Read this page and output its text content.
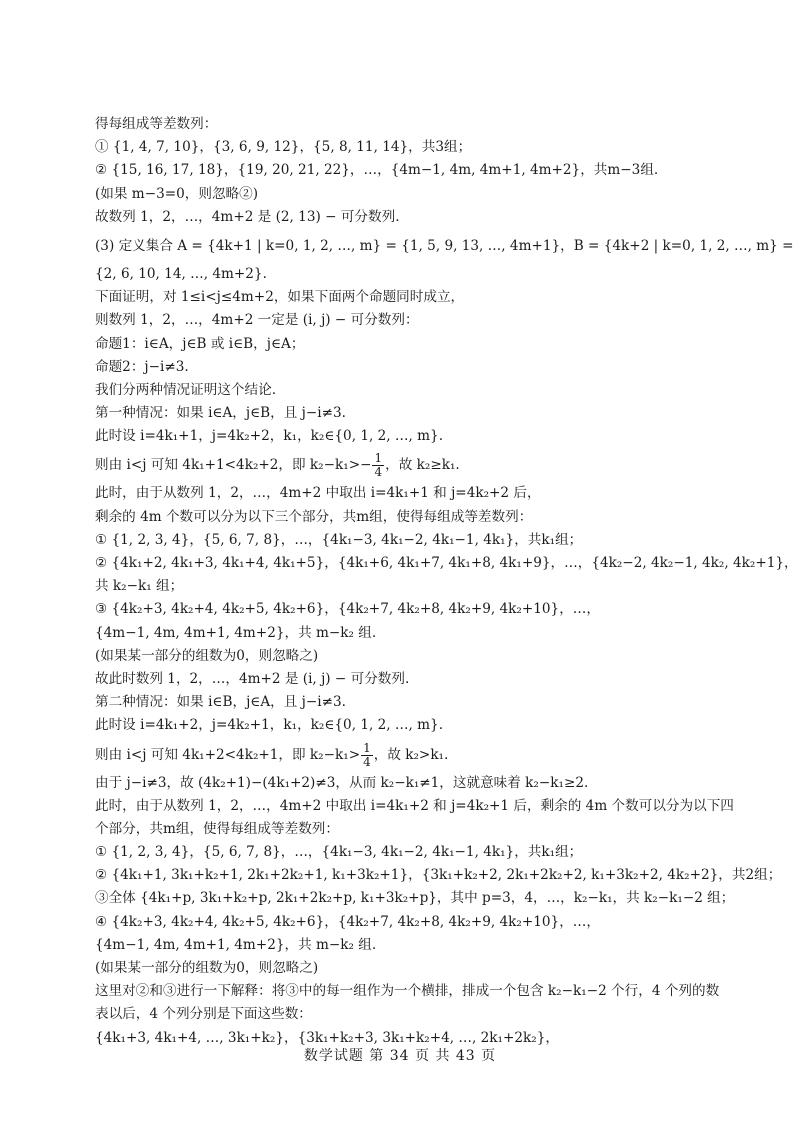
得每组成等差数列：
① {1, 4, 7, 10}，{3, 6, 9, 12}，{5, 8, 11, 14}，共3组；
② {15, 16, 17, 18}，{19, 20, 21, 22}，…，{4m−1, 4m, 4m+1, 4m+2}，共m−3组.
(如果 m−3=0，则忽略②)
故数列 1，2，…，4m+2 是 (2, 13) − 可分数列.
(3) 定义集合 A = {4k+1 | k=0, 1, 2, …, m} = {1, 5, 9, 13, …, 4m+1}，B = {4k+2 | k=0, 1, 2, …, m} =
{2, 6, 10, 14, …, 4m+2}.
下面证明，对 1≤i<j≤4m+2，如果下面两个命题同时成立，
则数列 1，2，…，4m+2 一定是 (i, j) − 可分数列：
命题1：i∈A，j∈B 或 i∈B，j∈A；
命题2：j−i≠3.
我们分两种情况证明这个结论.
第一种情况：如果 i∈A，j∈B，且 j−i≠3.
此时设 i=4k₁+1，j=4k₂+2，k₁，k₂∈{0, 1, 2, …, m}.
则由 i<j 可知 4k₁+1<4k₂+2，即 $k_2-k_1>- \frac{1}{4}$ ，故 k₂≥k₁.
此时，由于从数列 1，2，…，4m+2 中取出 i=4k₁+1 和 j=4k₂+2 后，
剩余的 4m 个数可以分为以下三个部分，共m组，使得每组成等差数列：
① {1, 2, 3, 4}，{5, 6, 7, 8}，…，{4k₁−3, 4k₁−2, 4k₁−1, 4k₁}，共k₁组；
② {4k₁+2, 4k₁+3, 4k₁+4, 4k₁+5}，{4k₁+6, 4k₁+7, 4k₁+8, 4k₁+9}，…，{4k₂−2, 4k₂−1, 4k₂, 4k₂+1}，
共 k₂−k₁ 组；
③ {4k₂+3, 4k₂+4, 4k₂+5, 4k₂+6}，{4k₂+7, 4k₂+8, 4k₂+9, 4k₂+10}，…，
{4m−1, 4m, 4m+1, 4m+2}，共 m−k₂ 组.
(如果某一部分的组数为0，则忽略之)
故此时数列 1，2，…，4m+2 是 (i, j) − 可分数列.
第二种情况：如果 i∈B，j∈A，且 j−i≠3.
此时设 i=4k₁+2，j=4k₂+1，k₁，k₂∈{0, 1, 2, …, m}.
则由 i<j 可知 4k₁+2<4k₂+1，即 $k_2-k_1> \frac{1}{4}$ ，故 k₂>k₁.
由于 j−i≠3，故 (4k₂+1)−(4k₁+2)≠3，从而 k₂−k₁≠1，这就意味着 k₂−k₁≥2.
此时，由于从数列 1，2，…，4m+2 中取出 i=4k₁+2 和 j=4k₂+1 后，剩余的 4m 个数可以分为以下四
个部分，共m组，使得每组成等差数列：
① {1, 2, 3, 4}，{5, 6, 7, 8}，…，{4k₁−3, 4k₁−2, 4k₁−1, 4k₁}，共k₁组；
② {4k₁+1, 3k₁+k₂+1, 2k₁+2k₂+1, k₁+3k₂+1}，{3k₁+k₂+2, 2k₁+2k₂+2, k₁+3k₂+2, 4k₂+2}，共2组；
③全体 {4k₁+p, 3k₁+k₂+p, 2k₁+2k₂+p, k₁+3k₂+p}，其中 p=3，4，…，k₂−k₁，共 k₂−k₁−2 组；
④ {4k₂+3, 4k₂+4, 4k₂+5, 4k₂+6}，{4k₂+7, 4k₂+8, 4k₂+9, 4k₂+10}，…，
{4m−1, 4m, 4m+1, 4m+2}，共 m−k₂ 组.
(如果某一部分的组数为0，则忽略之)
这里对②和③进行一下解释：将③中的每一组作为一个横排，排成一个包含 k₂−k₁−2 个行，4 个列的数
表以后，4 个列分别是下面这些数：
{4k₁+3, 4k₁+4, …, 3k₁+k₂}，{3k₁+k₂+3, 3k₁+k₂+4, …, 2k₁+2k₂}，
数学试题 第 34 页 共 43 页
